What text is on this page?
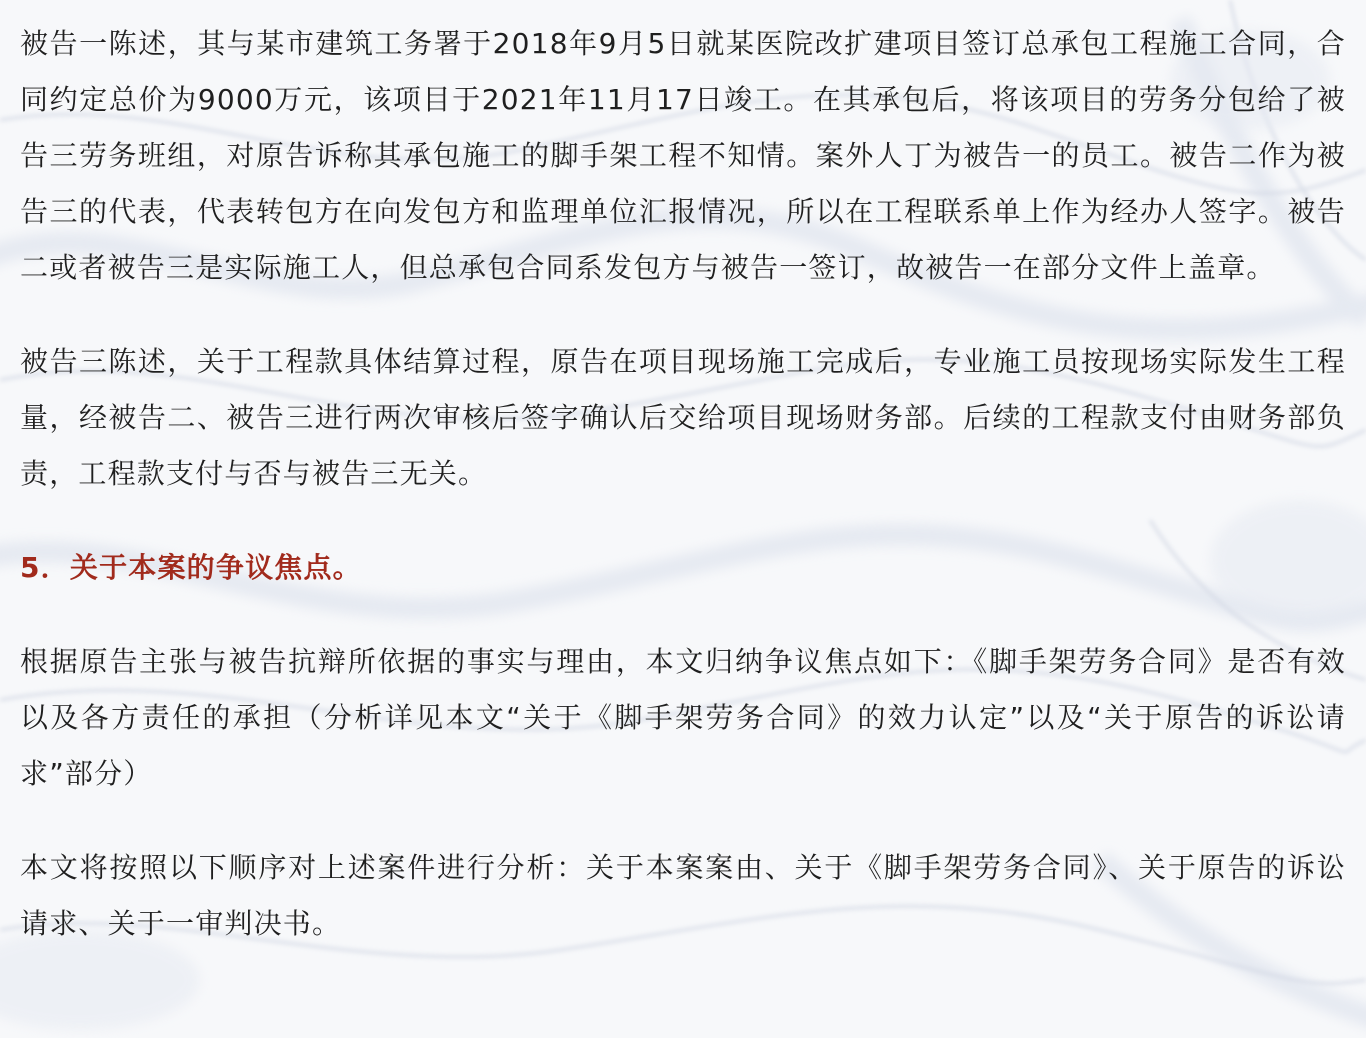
被告一陈述，其与某市建筑工务署于2018年9月5日就某医院改扩建项目签订总承包工程施工合同，合同约定总价为9000万元，该项目于2021年11月17日竣工。在其承包后，将该项目的劳务分包给了被告三劳务班组，对原告诉称其承包施工的脚手架工程不知情。案外人丁为被告一的员工。被告二作为被告三的代表，代表转包方在向发包方和监理单位汇报情况，所以在工程联系单上作为经办人签字。被告二或者被告三是实际施工人，但总承包合同系发包方与被告一签订，故被告一在部分文件上盖章。

被告三陈述，关于工程款具体结算过程，原告在项目现场施工完成后，专业施工员按现场实际发生工程量，经被告二、被告三进行两次审核后签字确认后交给项目现场财务部。后续的工程款支付由财务部负责，工程款支付与否与被告三无关。

5．关于本案的争议焦点。

根据原告主张与被告抗辩所依据的事实与理由，本文归纳争议焦点如下：《脚手架劳务合同》是否有效以及各方责任的承担（分析详见本文“关于《脚手架劳务合同》的效力认定”以及“关于原告的诉讼请求”部分）

本文将按照以下顺序对上述案件进行分析：关于本案案由、关于《脚手架劳务合同》、关于原告的诉讼请求、关于一审判决书。
